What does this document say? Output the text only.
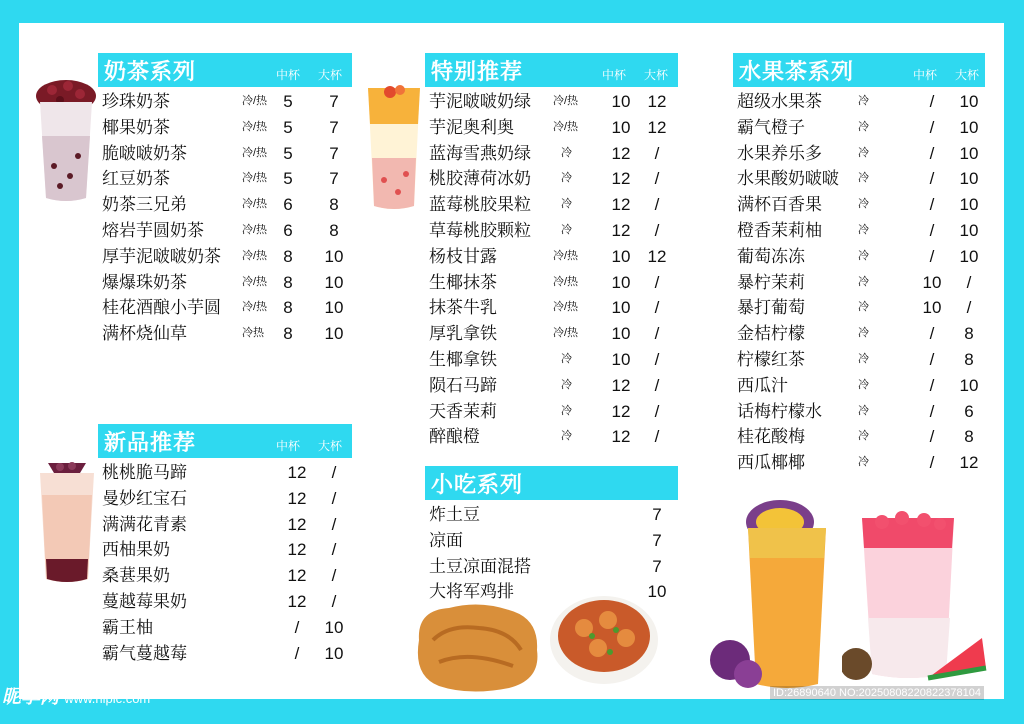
奶茶系列	中杯 大杯
珍珠奶茶	冷/热 5	7
椰果奶茶	冷/热 5	7
脆啵啵奶茶	冷/热 5	7
红豆奶茶	冷/热 5	7
奶茶三兄弟	冷/热 6	8
熔岩芋圆奶茶	冷/热 6	8
厚芋泥啵啵奶茶 冷/热 8	10
爆爆珠奶茶	冷/热 8	10
桂花酒酿小芋圆 冷/热 8	10
满杯烧仙草	冷热	8	10
新品推荐	中杯 大杯
桃桃脆马蹄	12	/
曼妙红宝石	12	/
满满花青素	12	/
西柚果奶	12	/
桑葚果奶	12	/
蔓越莓果奶	12	/
霸王柚	/	10
霸气蔓越莓	/	10
特别推荐	中杯 大杯
芋泥啵啵奶绿 冷/热	10	12
芋泥奥利奥	冷/热	10	12
蓝海雪燕奶绿	冷	12	/
桃胶薄荷冰奶	冷	12	/
蓝莓桃胶果粒	冷	12	/
草莓桃胶颗粒	冷	12	/
杨枝甘露	冷/热	10	12
生椰抹茶	冷/热	10	/
抹茶牛乳	冷/热	10	/
厚乳拿铁	冷/热	10	/
生椰拿铁	冷	10	/
陨石马蹄	冷	12	/
天香茉莉	冷	12	/
醉酿橙	冷	12	/
小吃系列
炸土豆	7
凉面	7
土豆凉面混搭	7
大将军鸡排	10
水果茶系列	中杯 大杯
超级水果茶	冷	/	10
霸气橙子	冷	/	10
水果养乐多	冷	/	10
水果酸奶啵啵 冷	/	10
满杯百香果	冷	/	10
橙香茉莉柚	冷	/	10
葡萄冻冻	冷	/	10
暴柠茉莉	冷	10	/
暴打葡萄	冷	10	/
金桔柠檬	冷	/	8
柠檬红茶	冷	/	8
西瓜汁	冷	/	10
话梅柠檬水	冷	/	6
桂花酸梅	冷	/	8
西瓜椰椰	冷	/	12
昵享网 www.nipic.com	ID:26890640 NO:20250808220822378104
